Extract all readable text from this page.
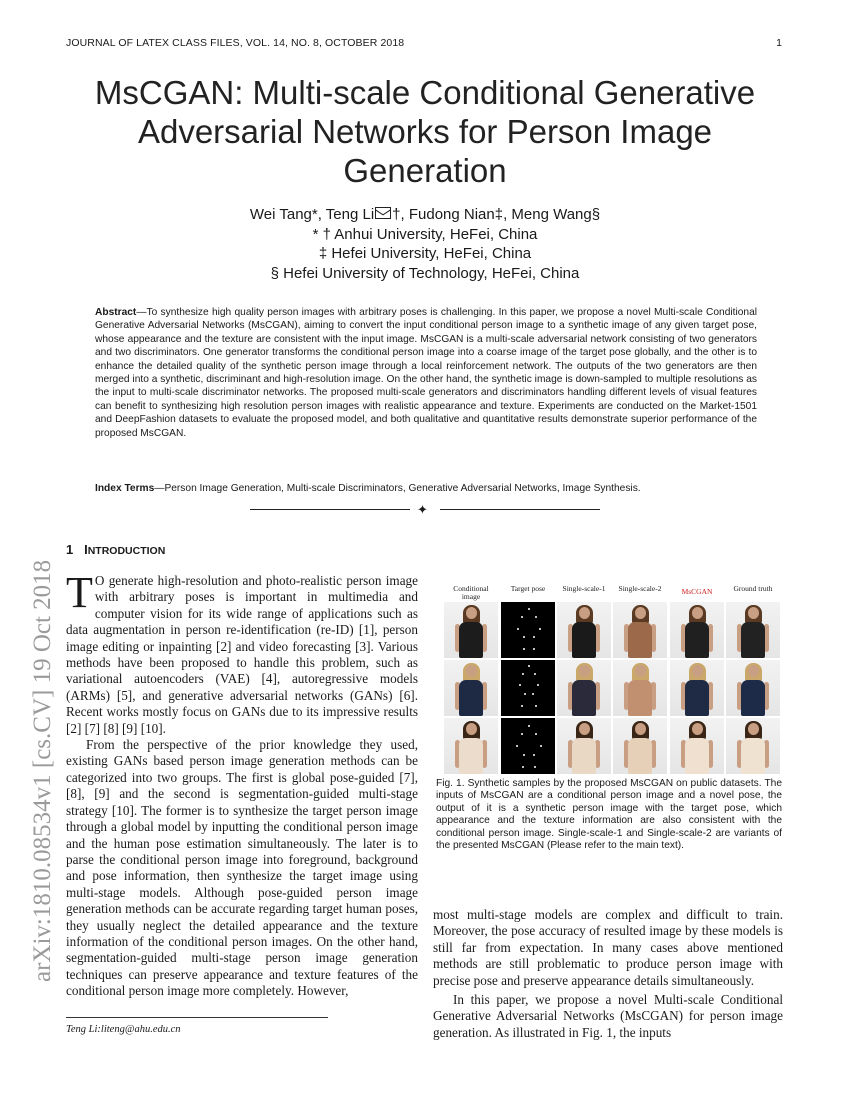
JOURNAL OF LATEX CLASS FILES, VOL. 14, NO. 8, OCTOBER 2018	1
MsCGAN: Multi-scale Conditional Generative Adversarial Networks for Person Image Generation
Wei Tang*, Teng Li †, Fudong Nian‡, Meng Wang§
* † Anhui University, HeFei, China
‡ Hefei University, HeFei, China
§ Hefei University of Technology, HeFei, China
arXiv:1810.08534v1 [cs.CV] 19 Oct 2018
Abstract—To synthesize high quality person images with arbitrary poses is challenging. In this paper, we propose a novel Multi-scale Conditional Generative Adversarial Networks (MsCGAN), aiming to convert the input conditional person image to a synthetic image of any given target pose, whose appearance and the texture are consistent with the input image. MsCGAN is a multi-scale adversarial network consisting of two generators and two discriminators. One generator transforms the conditional person image into a coarse image of the target pose globally, and the other is to enhance the detailed quality of the synthetic person image through a local reinforcement network. The outputs of the two generators are then merged into a synthetic, discriminant and high-resolution image. On the other hand, the synthetic image is down-sampled to multiple resolutions as the input to multi-scale discriminator networks. The proposed multi-scale generators and discriminators handling different levels of visual features can benefit to synthesizing high resolution person images with realistic appearance and texture. Experiments are conducted on the Market-1501 and DeepFashion datasets to evaluate the proposed model, and both qualitative and quantitative results demonstrate superior performance of the proposed MsCGAN.
Index Terms—Person Image Generation, Multi-scale Discriminators, Generative Adversarial Networks, Image Synthesis.
✦
1 INTRODUCTION

T O generate high-resolution and photo-realistic person image with arbitrary poses is important in multimedia and computer vision for its wide range of applications such as data augmentation in person re-identification (re-ID) [1], person image editing or inpainting [2] and video forecasting [3]. Various methods have been proposed to handle this problem, such as variational autoencoders (VAE) [4], autoregressive models (ARMs) [5], and generative adversarial networks (GANs) [6]. Recent works mostly focus on GANs due to its impressive results [2] [7] [8] [9] [10].

From the perspective of the prior knowledge they used, existing GANs based person image generation methods can be categorized into two groups. The first is global pose-guided [7], [8], [9] and the second is segmentation-guided multi-stage strategy [10]. The former is to synthesize the target person image through a global model by inputting the conditional person image and the human pose estimation simultaneously. The later is to parse the conditional person image into foreground, background and pose information, then synthesize the target image using multi-stage models. Although pose-guided person image generation methods can be accurate regarding target human poses, they usually neglect the detailed appearance and the texture information of the conditional person images. On the other hand, segmentation-guided multi-stage person image generation techniques can preserve appearance and texture features of the conditional person image more completely. However,

Teng Li:liteng@ahu.edu.cn
Conditional image
Target pose	Single-scale-1	Single-scale-2	MsCGAN	Ground truth
Fig. 1. Synthetic samples by the proposed MsCGAN on public datasets. The inputs of MsCGAN are a conditional person image and a novel pose, the output of it is a synthetic person image with the target pose, which appearance and the texture information are also consistent with the conditional person image. Single-scale-1 and Single-scale-2 are variants of the presented MsCGAN (Please refer to the main text).

most multi-stage models are complex and difficult to train. Moreover, the pose accuracy of resulted image by these models is still far from expectation. In many cases above mentioned methods are still problematic to produce person image with precise pose and preserve appearance details simultaneously.

In this paper, we propose a novel Multi-scale Conditional Generative Adversarial Networks (MsCGAN) for person image generation. As illustrated in Fig. 1, the inputs
